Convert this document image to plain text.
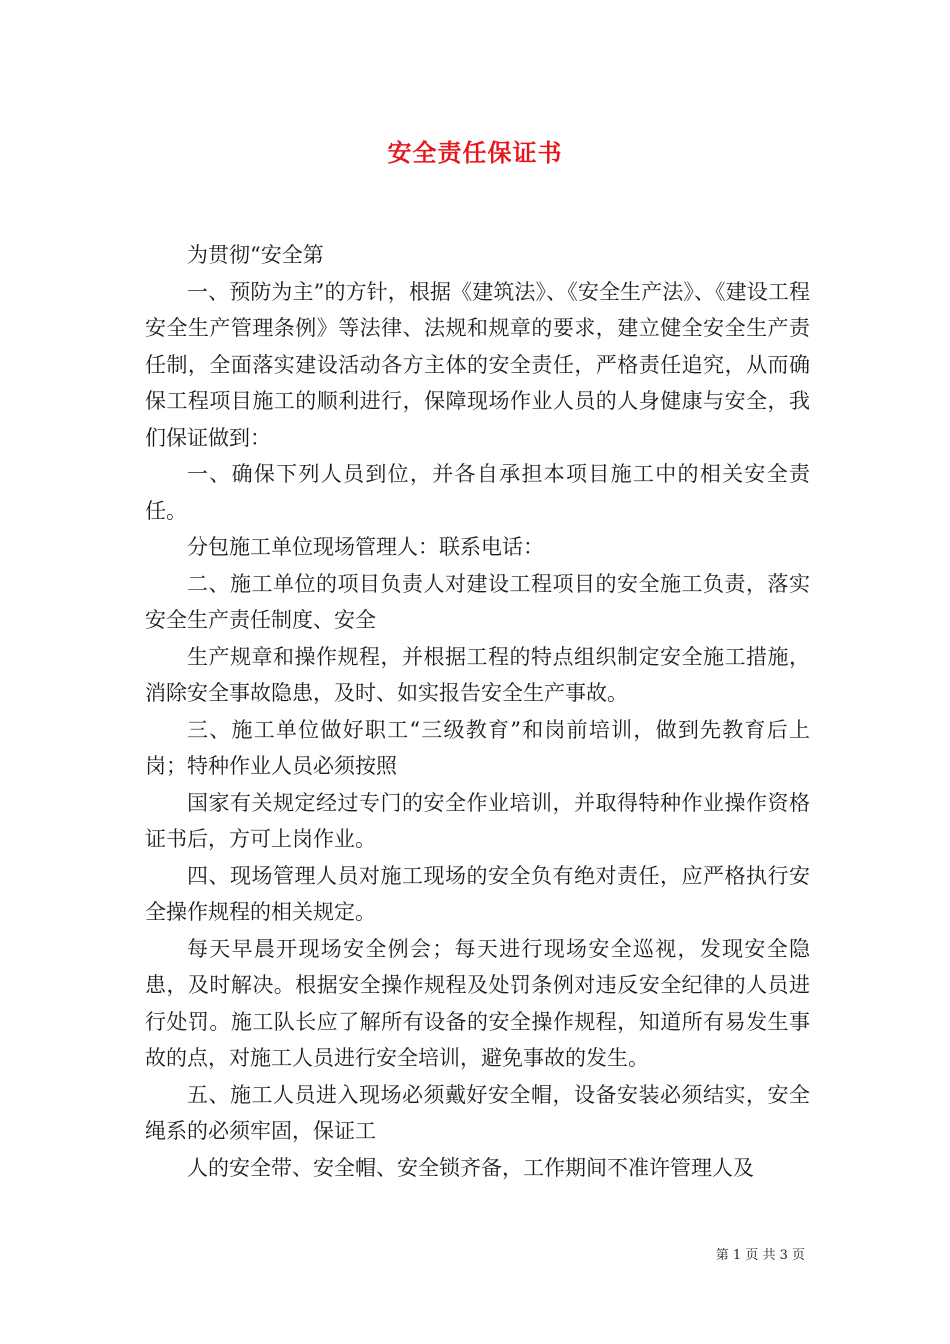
安全责任保证书

为贯彻“安全第

一、预防为主”的方针，根据《建筑法》、《安全生产法》、《建设工程安全生产管理条例》等法律、法规和规章的要求，建立健全安全生产责任制，全面落实建设活动各方主体的安全责任，严格责任追究，从而确保工程项目施工的顺利进行，保障现场作业人员的人身健康与安全，我们保证做到：

一、确保下列人员到位，并各自承担本项目施工中的相关安全责任。

分包施工单位现场管理人：联系电话：

二、施工单位的项目负责人对建设工程项目的安全施工负责，落实安全生产责任制度、安全

生产规章和操作规程，并根据工程的特点组织制定安全施工措施，消除安全事故隐患，及时、如实报告安全生产事故。

三、施工单位做好职工“三级教育”和岗前培训，做到先教育后上岗；特种作业人员必须按照

国家有关规定经过专门的安全作业培训，并取得特种作业操作资格证书后，方可上岗作业。

四、现场管理人员对施工现场的安全负有绝对责任，应严格执行安全操作规程的相关规定。

每天早晨开现场安全例会；每天进行现场安全巡视，发现安全隐患，及时解决。根据安全操作规程及处罚条例对违反安全纪律的人员进行处罚。施工队长应了解所有设备的安全操作规程，知道所有易发生事故的点，对施工人员进行安全培训，避免事故的发生。

五、施工人员进入现场必须戴好安全帽，设备安装必须结实，安全绳系的必须牢固，保证工

人的安全带、安全帽、安全锁齐备，工作期间不准许管理人及

第 1 页 共 3 页
